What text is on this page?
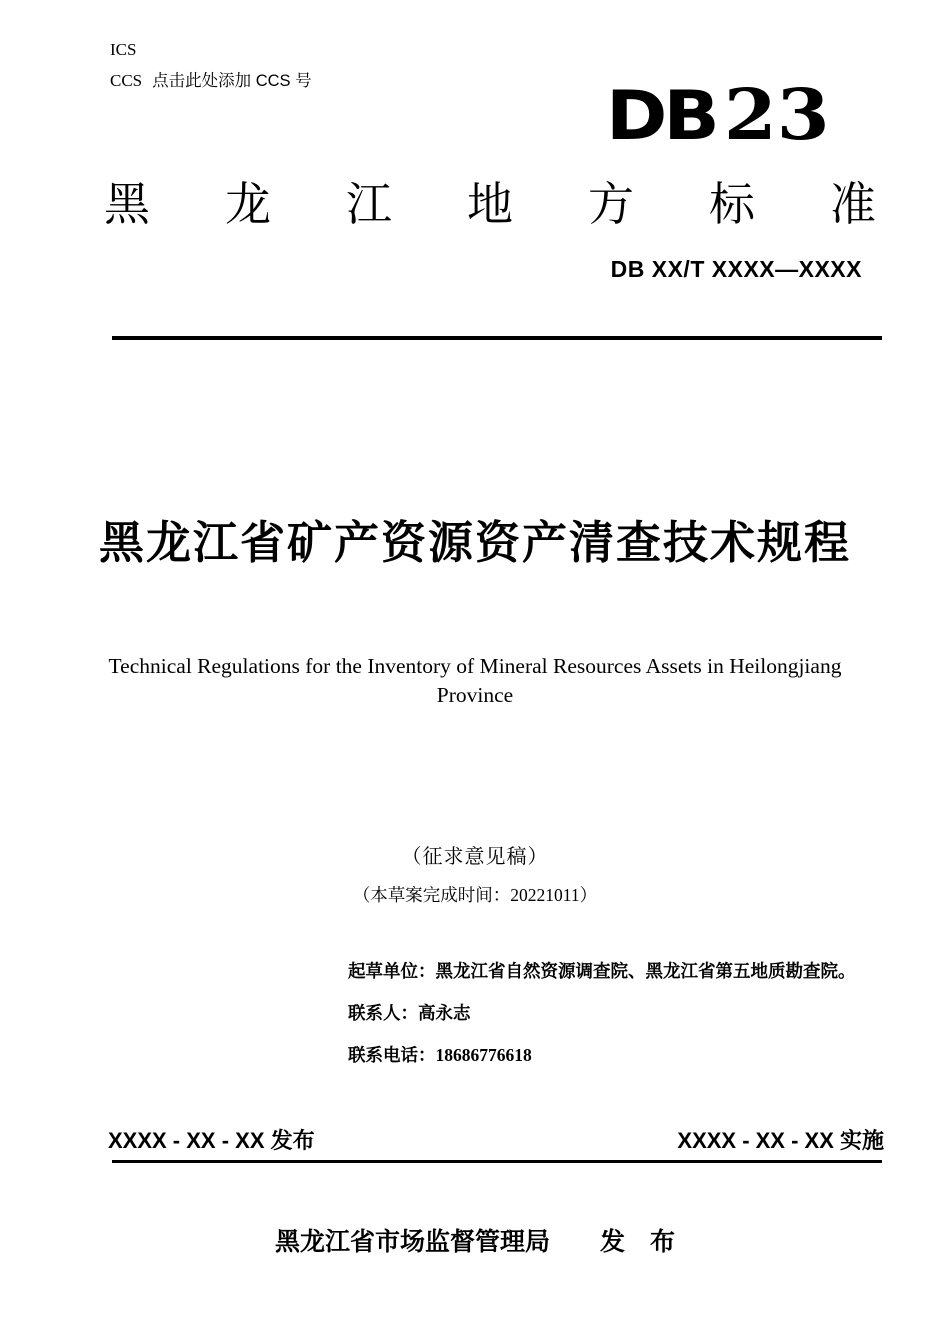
ICS
CCS 点击此处添加 CCS 号	DB 23
黑龙江地方标准
DB XX/T XXXX—XXXX
黑龙江省矿产资源资产清查技术规程
Technical Regulations for the Inventory of Mineral Resources Assets in Heilongjiang
Province
（征求意见稿）
（本草案完成时间：20221011）
起草单位：黑龙江省自然资源调查院、黑龙江省第五地质勘查院。
联系人：高永志
联系电话：18686776618
XXXX - XX - XX 发布	XXXX - XX - XX 实施
黑龙江省市场监督管理局　　发　布
